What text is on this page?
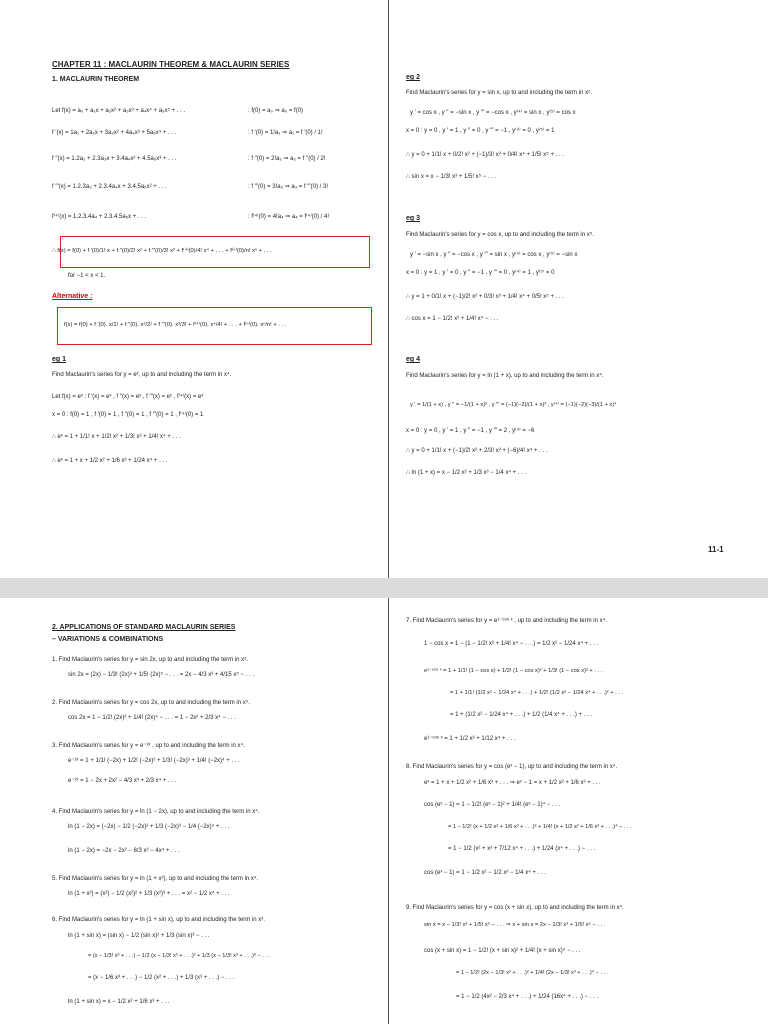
CHAPTER 11 : MACLAURIN THEOREM & MACLAURIN SERIES
1. MACLAURIN THEOREM
Let f(x) = a₀ + a₁x + a₂x² + a₃x³ + a₄x⁴ + a₅x⁵ + . . .
f ′(x) = 1a₁ + 2a₂x + 3a₃x² + 4a₄x³ + 5a₅x⁴ + . . .
f ′′(x) = 1.2a₂ + 2.3a₃x + 3.4a₄x² + 4.5a₅x³ + . . .
f ′′′(x) = 1.2.3a₃ + 2.3.4a₄x + 3.4.5a₅x² + . . .
f⁽⁴⁾(x) = 1.2.3.4a₄ + 2.3.4.5a₅x + . . .
: f(0) = a₀ ⇒ a₀ = f(0)
: f ′(0) = 1!a₁ ⇒ a₁ = f ′(0) / 1!
: f ′′(0) = 2!a₂ ⇒ a₂ = f ′′(0) / 2!
: f ′′′(0) = 3!a₃ ⇒ a₃ = f ′′′(0) / 3!
: f⁽⁴⁾(0) = 4!a₄ ⇒ a₄ = f⁽⁴⁾(0) / 4!
∴ f(x) = f(0) + f ′(0)/1! x + f ′′(0)/2! x² + f ′′′(0)/3! x³ + f⁽⁴⁾(0)/4! x⁴ + . . . + f⁽ⁿ⁾(0)/n! xⁿ + . . .
for −1 < x < 1.
Alternative :
f(x) = f(0) + f ′(0). x/1! + f ′′(0). x²/2! + f ′′′(0). x³/3! + f⁽⁴⁾(0). x⁴/4! + . . . + f⁽ⁿ⁾(0). xⁿ/n! + . . .
eg 1
Find Maclaurin's series for y = eˣ, up to and including the term in x⁴.
Let f(x) = eˣ : f ′(x) = eˣ , f ′′(x) = eˣ , f ′′′(x) = eˣ , f⁽⁴⁾(x) = eˣ
x = 0 : f(0) = 1 , f ′(0) = 1 , f ′′(0) = 1 , f ′′′(0) = 1 , f⁽⁴⁾(0) = 1
∴ eˣ = 1 + 1/1! x + 1/2! x² + 1/3! x³ + 1/4! x⁴ + . . .
∴ eˣ = 1 + x + 1/2 x² + 1/6 x³ + 1/24 x⁴ + . . .
eg 2
Find Maclaurin's series for y = sin x, up to and including the term in x⁵.
y ′ = cos x , y ′′ = −sin x , y ′′′ = −cos x , y⁽⁴⁾ = sin x , y⁽⁵⁾ = cos x
x = 0 : y = 0 , y ′ = 1 , y ′′ = 0 , y ′′′ = −1 , y⁽⁴⁾ = 0 , y⁽⁵⁾ = 1
∴ y = 0 + 1/1! x + 0/2! x² + (−1)/3! x³ + 0/4! x⁴ + 1/5! x⁵ + . . .
∴ sin x = x − 1/3! x³ + 1/5! x⁵ − . . .
eg 3
Find Maclaurin's series for y = cos x, up to and including the term in x⁵.
y ′ = −sin x , y ′′ = −cos x , y ′′′ = sin x , y⁽⁴⁾ = cos x , y⁽⁵⁾ = −sin x
x = 0 : y = 1 , y ′ = 0 , y ′′ = −1 , y ′′′ = 0 , y⁽⁴⁾ = 1 , y⁽⁵⁾ = 0
∴ y = 1 + 0/1! x + (−1)/2! x² + 0/3! x³ + 1/4! x⁴ + 0/5! x⁵ + . . .
∴ cos x = 1 − 1/2! x² + 1/4! x⁴ − . . .
eg 4
Find Maclaurin's series for y = ln (1 + x), up to and including the term in x⁴.
y ′ = 1/(1 + x) , y ′′ = −1/(1 + x)² , y ′′′ = (−1)(−2)/(1 + x)³ , y⁽⁴⁾ = (−1)(−2)(−3)/(1 + x)⁴
x = 0 : y = 0 , y ′ = 1 , y ′′ = −1 , y ′′′ = 2 , y⁽⁴⁾ = −6
∴ y = 0 + 1/1! x + (−1)/2! x² + 2/3! x³ + (−6)/4! x⁴ + . . .
∴ ln (1 + x) = x − 1/2 x² + 1/3 x³ − 1/4 x⁴ + . . .
11-1
2. APPLICATIONS OF STANDARD MACLAURIN SERIES
– VARIATIONS & COMBINATIONS
1. Find Maclaurin's series for y = sin 2x, up to and including the term in x⁵.
sin 2x = (2x) − 1/3! (2x)³ + 1/5! (2x)⁵ − . . . = 2x − 4/3 x³ + 4/15 x⁵ − . . .
2. Find Maclaurin's series for y = cos 2x, up to and including the term in x⁵.
cos 2x = 1 − 1/2! (2x)² + 1/4! (2x)⁴ − . . . = 1 − 2x² + 2/3 x⁴ − . . .
3. Find Maclaurin's series for y = e⁻²ˣ , up to and including the term in x⁴.
e⁻²ˣ = 1 + 1/1! (−2x) + 1/2! (−2x)² + 1/3! (−2x)³ + 1/4! (−2x)⁴ + . . .
e⁻²ˣ = 1 − 2x + 2x² − 4/3 x³ + 2/3 x⁴ + . . .
4. Find Maclaurin's series for y = ln (1 − 2x), up to and including the term in x⁴.
ln (1 − 2x) = (−2x) − 1/2 (−2x)² + 1/3 (−2x)³ − 1/4 (−2x)⁴ + . . .
ln (1 − 2x) = −2x − 2x² − 8/3 x³ − 4x⁴ + . . .
5. Find Maclaurin's series for y = ln (1 + x²), up to and including the term in x⁴.
ln (1 + x²) = (x²) − 1/2 (x²)² + 1/3 (x²)³ + . . . = x² − 1/2 x⁴ + . . .
6. Find Maclaurin's series for y = ln (1 + sin x), up to and including the term in x³.
ln (1 + sin x) = (sin x) − 1/2 (sin x)² + 1/3 (sin x)³ − . . .
= (x − 1/3! x³ + . . .) − 1/2 (x − 1/3! x³ + . . .)² + 1/3 (x − 1/3! x³ + . . .)³ − . . .
= (x − 1/6 x³ + . . .) − 1/2 (x² + . . .) + 1/3 (x³ + . . .) − . . .
ln (1 + sin x) = x − 1/2 x² + 1/6 x³ + . . .
7. Find Maclaurin's series for y = e¹⁻ᶜᵒˢ ˣ , up to and including the term in x⁴.
1 − cos x = 1 − (1 − 1/2! x² + 1/4! x⁴ − . . .) = 1/2 x² − 1/24 x⁴ + . . .
e¹⁻ᶜᵒˢ ˣ = 1 + 1/1! (1 − cos x) + 1/2! (1 − cos x)² + 1/3! (1 − cos x)³ + . . .
= 1 + 1/1! (1/2 x² − 1/24 x⁴ + . . .) + 1/2! (1/2 x² − 1/24 x⁴ + . . .)² + . . .
= 1 + (1/2 x² − 1/24 x⁴ + . . .) + 1/2 (1/4 x⁴ + . . .) + . . .
e¹⁻ᶜᵒˢ ˣ = 1 + 1/2 x² + 1/12 x⁴ + . . .
8. Find Maclaurin's series for y = cos (eˣ − 1), up to and including the term in x⁴.
eˣ = 1 + x + 1/2 x² + 1/6 x³ + . . . ⇒ eˣ − 1 = x + 1/2 x² + 1/6 x³ + . . .
cos (eˣ − 1) = 1 − 1/2! (eˣ − 1)² + 1/4! (eˣ − 1)⁴ − . . .
= 1 − 1/2! (x + 1/2 x² + 1/6 x³ + . . .)² + 1/4! (x + 1/2 x² + 1/6 x³ + . . .)⁴ − . . .
= 1 − 1/2 (x² + x³ + 7/12 x⁴ + . . .) + 1/24 (x⁴ + . . .) − . . .
cos (eˣ − 1) = 1 − 1/2 x² − 1/2 x³ − 1/4 x⁴ + . . .
9. Find Maclaurin's series for y = cos (x + sin x), up to and including the term in x⁴.
sin x = x − 1/3! x³ + 1/5! x⁵ − . . . ⇒ x + sin x = 2x − 1/3! x³ + 1/5! x⁵ − . . .
cos (x + sin x) = 1 − 1/2! (x + sin x)² + 1/4! (x + sin x)⁴ − . . .
= 1 − 1/2! (2x − 1/3! x³ + . . .)² + 1/4! (2x − 1/3! x³ + . . .)⁴ − . . .
= 1 − 1/2 (4x² − 2/3 x⁴ + . . .) + 1/24 (16x⁴ + . . .) − . . .
